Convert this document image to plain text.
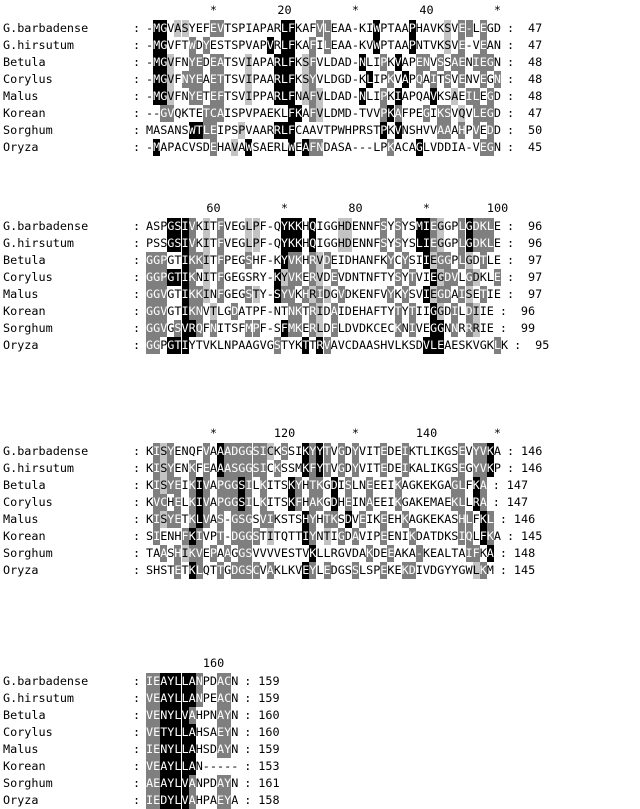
*	20	*	40	*
G.barbadense	: - M G V A S Y E F E V T S P I A P A R L F K A F V L E A A - K I W P T A A P H A V K S V E - L E G D : 47
G.hirsutum	: - M G V F T W D Y E S T S P V A P V R L F K A F I L E A A - K V W P T A A P N T V K S V E - V E A N : 47
Betula	: - M G V F N Y E D E A T S V I A P A R L F K S F V L D A D - N L I P K V A P E N V S S A E N I E G N : 48
Corylus	: - M G V F N Y E A E T T S V I P A A R L F K S Y V L D G D - K L I P K V A P Q A I T S V E N V E G N : 48
Malus	: - M G V F N Y E T E F T S V I P P A R L F N A F V L D A D - N L I P K I A P Q A V K S A E I L E G D : 48
Korean	: - - G V Q K T E T C A I S P V P A E K L F K A F V L D M D - T V V P K A F P E G I K S V Q V L E G D : 47
Sorghum	: M A S A N S W T L E I P S P V A A R R L F C A A V T P W H P R S T P K V N S H V V A A A H P V E D D : 50
Oryza	: - M A P A C V S D E H A V A W S A E R L W E A F N D A S A - - - L P K A C A G L V D D I A - V E G N : 45
60	*	80	*	100
G.barbadense	: A S P G S I V K I T F V E G L P F - Q Y K K H Q I G G H D E N N F S Y S Y S M I E G G P L G D K L E : 96
G.hirsutum	: P S S G S I V K I T F V E G L P F - Q Y K K H Q I G G H D E N N F S Y S Y S L I E G G P L G D K L E : 96
Betula	: G G P G T I K K I T F P E G S H F - K Y V K H R V D E I D H A N F K Y C Y S I I E G G P L G D T L E : 97
Corylus	: G G P G T I K N I T F G E G S R Y - K Y V K E R V D E V D N T N F T Y S Y T V I E G D V L G D K L E : 97
Malus	: G G V G T I K K I N F G E G S T Y - S Y V K H R I D G V D K E N F V Y K Y S V I E G D A I S E T I E : 97
Korean	: G G V G T I K N V T L G D A T P F - N T N K T R I D A I D E H A F T Y T Y T I I G G D I L D I I E : 96
Sorghum	: G G V G S V R Q F N I T S F M P F - S F M K E R L D F L D V D K C E C K N I V E G G N N R R R I E : 99
Oryza	: G G P G T I Y T V K L N P A A G V G S T Y K T T R V A V C D A A S H V L K S D V L E A E S K V G K L K : 95
*	120	*	140	*
G.barbadense	: K I S Y E N Q F V A A A D G G S I C K S S I K Y Y T V G D Y V I T E D E I K T L I K G S E V Y V K A : 146
G.hirsutum	: K I S Y E N K F E A A A S G G S I C K S S M K F Y T V G D Y V I T E D E I K A L I K G S E G Y V K P : 146
Betula	: K I S Y E I K I V A P G G S I L K I T S K Y H T K G D I S L N E E E I K A G K E K G A G L F K A : 147
Corylus	: K V C H E L K I V A P G G S I L K I T S K F H A K G D H E I N A E E I K G A K E M A E K L L R A : 147
Malus	: K I S Y E T K L V A S - G S G S V I K S T S H Y H T K S D V E I K E E H K A G K E K A S H L F K L : 146
Korean	: S I E N H F K I V P T - D G G S T I T Q T T I Y N T I G D A V I P E E N I K D A T D K S I Q L F K A : 145
Sorghum	: T A A S H I K V E P A A G G S V V V V E S T V K L L R G V D A K D E E A K A - K E A L T A I F K A : 148
Oryza	: S H S T E T K L Q T T G D G S C V A K L K V E Y L E D G S S L S P E K E K D I V D G Y Y G W L K M : 145
160
G.barbadense	: I E A Y L L A N P D A C N : 159
G.hirsutum	: V E A Y L L A N P E A C N : 159
Betula	: V E N Y L V A H P N A Y N : 160
Corylus	: V E T Y L L A H S A E Y N : 160
Malus	: I E N Y L L A H S D A Y N : 159
Korean	: V E A Y L L A N - - - - - : 153
Sorghum	: A E A Y L V A N P D A Y N : 161
Oryza	: I E D Y L V A H P A E Y A : 158
